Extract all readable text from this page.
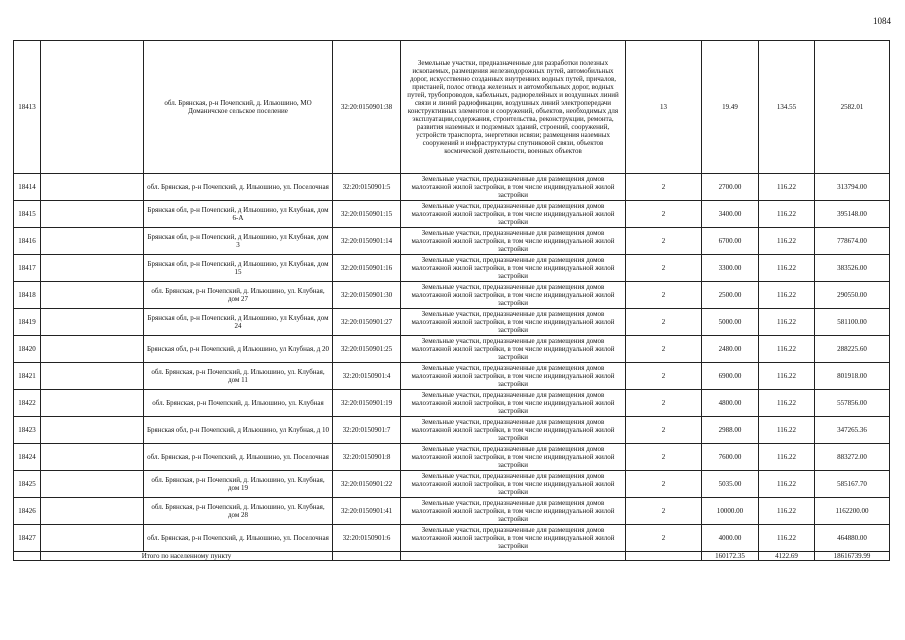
1084
18413		обл. Брянская, р-н Почепский, д. Ильюшино, МО Доманичское сельское поселение	32:20:0150901:38	Земельные участки, предназначенные для разработки полезных ископаемых, размещения железнодорожных путей, автомобильных дорог, искусственно созданных внутренних водных путей, причалов, пристаней, полос отвода железных и автомобильных дорог, водных путей, трубопроводов, кабельных, радиорелейных и воздушных линий связи и линий радиофикации, воздушных линий электропередачи конструктивных элементов и сооружений, объектов, необходимых для эксплуатации,содержания, строительства, реконструкции, ремонта, развития наземных и подземных зданий, строений, сооружений, устройств транспорта, энергетики исвязи; размещения наземных сооружений и инфраструктуры спутниковой связи, объектов космической деятельности, военных объектов	13	19.49	134.55	2582.01
18414		обл. Брянская, р-н Почепский, д. Ильюшино, ул. Поселочная	32:20:0150901:5	Земельные участки, предназначенные для размещения домов малоэтажной жилой застройки, в том числе индивидуальной жилой застройки	2	2700.00	116.22	313794.00
18415		Брянская обл, р-н Почепский, д Ильюшино, ул Клубная, дом 6-А	32:20:0150901:15	Земельные участки, предназначенные для размещения домов малоэтажной жилой застройки, в том числе индивидуальной жилой застройки	2	3400.00	116.22	395148.00
18416		Брянская обл, р-н Почепский, д Ильюшино, ул Клубная, дом 3	32:20:0150901:14	Земельные участки, предназначенные для размещения домов малоэтажной жилой застройки, в том числе индивидуальной жилой застройки	2	6700.00	116.22	778674.00
18417		Брянская обл, р-н Почепский, д Ильюшино, ул Клубная, дом 15	32:20:0150901:16	Земельные участки, предназначенные для размещения домов малоэтажной жилой застройки, в том числе индивидуальной жилой застройки	2	3300.00	116.22	383526.00
18418		обл. Брянская, р-н Почепский, д. Ильюшино, ул. Клубная, дом 27	32:20:0150901:30	Земельные участки, предназначенные для размещения домов малоэтажной жилой застройки, в том числе индивидуальной жилой застройки	2	2500.00	116.22	290550.00
18419		Брянская обл, р-н Почепский, д Ильюшино, ул Клубная, дом 24	32:20:0150901:27	Земельные участки, предназначенные для размещения домов малоэтажной жилой застройки, в том числе индивидуальной жилой застройки	2	5000.00	116.22	581100.00
18420		Брянская обл, р-н Почепский, д Ильюшино, ул Клубная, д 20	32:20:0150901:25	Земельные участки, предназначенные для размещения домов малоэтажной жилой застройки, в том числе индивидуальной жилой застройки	2	2480.00	116.22	288225.60
18421		обл. Брянская, р-н Почепский, д. Ильюшино, ул. Клубная, дом 11	32:20:0150901:4	Земельные участки, предназначенные для размещения домов малоэтажной жилой застройки, в том числе индивидуальной жилой застройки	2	6900.00	116.22	801918.00
18422		обл. Брянская, р-н Почепский, д. Ильюшино, ул. Клубная	32:20:0150901:19	Земельные участки, предназначенные для размещения домов малоэтажной жилой застройки, в том числе индивидуальной жилой застройки	2	4800.00	116.22	557856.00
18423		Брянская обл, р-н Почепский, д Ильюшино, ул Клубная, д 10	32:20:0150901:7	Земельные участки, предназначенные для размещения домов малоэтажной жилой застройки, в том числе индивидуальной жилой застройки	2	2988.00	116.22	347265.36
18424		обл. Брянская, р-н Почепский, д. Ильюшино, ул. Поселочная	32:20:0150901:8	Земельные участки, предназначенные для размещения домов малоэтажной жилой застройки, в том числе индивидуальной жилой застройки	2	7600.00	116.22	883272.00
18425		обл. Брянская, р-н Почепский, д. Ильюшино, ул. Клубная, дом 19	32:20:0150901:22	Земельные участки, предназначенные для размещения домов малоэтажной жилой застройки, в том числе индивидуальной жилой застройки	2	5035.00	116.22	585167.70
18426		обл. Брянская, р-н Почепский, д. Ильюшино, ул. Клубная, дом 28	32:20:0150901:41	Земельные участки, предназначенные для размещения домов малоэтажной жилой застройки, в том числе индивидуальной жилой застройки	2	10000.00	116.22	1162200.00
18427		обл. Брянская, р-н Почепский, д. Ильюшино, ул. Поселочная	32:20:0150901:6	Земельные участки, предназначенные для размещения домов малоэтажной жилой застройки, в том числе индивидуальной жилой застройки	2	4000.00	116.22	464880.00
	Итого по населенному пункту					160172.35	4122.69	18616739.99
